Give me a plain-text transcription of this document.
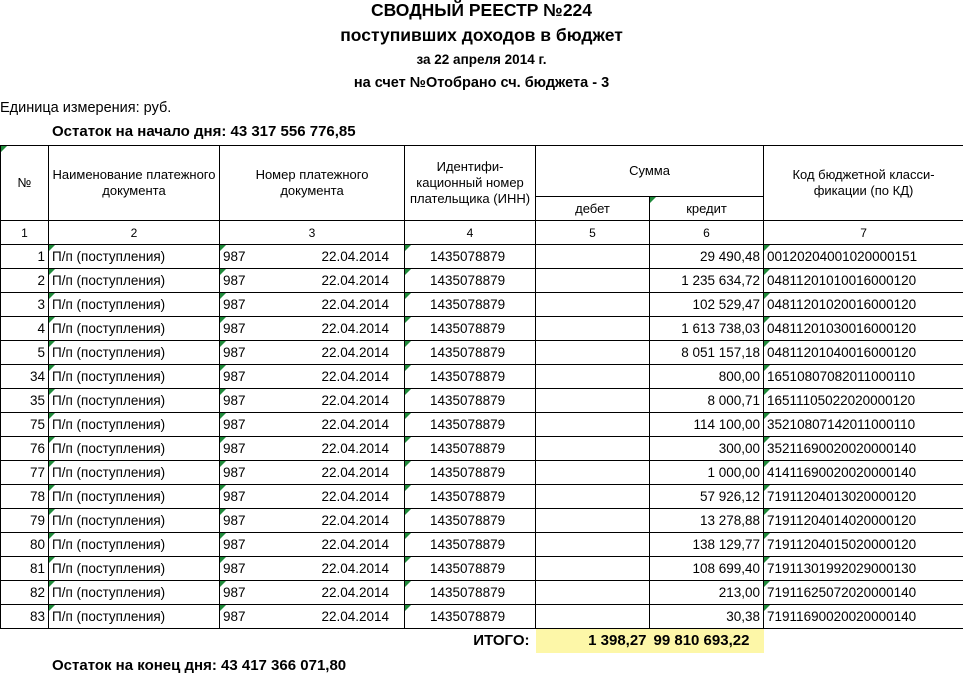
СВОДНЫЙ РЕЕСТР №224
поступивших доходов в бюджет
за 22 апреля 2014 г.
на счет №Отобрано сч. бюджета - 3
Единица измерения: руб.
Остаток на начало дня: 43 317 556 776,85
№	Наименование платежного документа	Номер платежного документа		Идентифи-кационный номер плательщика (ИНН)	Сумма		Код бюджетной класси-фикации (по КД)
					дебет	кредит	
1	2	3		4	5	6	7
1	П/п (поступления)	987	22.04.2014	1435078879		29 490,48	00120204001020000151
2	П/п (поступления)	987	22.04.2014	1435078879		1 235 634,72	04811201010016000120
3	П/п (поступления)	987	22.04.2014	1435078879		102 529,47	04811201020016000120
4	П/п (поступления)	987	22.04.2014	1435078879		1 613 738,03	04811201030016000120
5	П/п (поступления)	987	22.04.2014	1435078879		8 051 157,18	04811201040016000120
34	П/п (поступления)	987	22.04.2014	1435078879		800,00	16510807082011000110
35	П/п (поступления)	987	22.04.2014	1435078879		8 000,71	16511105022020000120
75	П/п (поступления)	987	22.04.2014	1435078879		114 100,00	35210807142011000110
76	П/п (поступления)	987	22.04.2014	1435078879		300,00	35211690020020000140
77	П/п (поступления)	987	22.04.2014	1435078879		1 000,00	41411690020020000140
78	П/п (поступления)	987	22.04.2014	1435078879		57 926,12	71911204013020000120
79	П/п (поступления)	987	22.04.2014	1435078879		13 278,88	71911204014020000120
80	П/п (поступления)	987	22.04.2014	1435078879		138 129,77	71911204015020000120
81	П/п (поступления)	987	22.04.2014	1435078879		108 699,40	71911301992029000130
82	П/п (поступления)	987	22.04.2014	1435078879		213,00	71911625072020000140
83	П/п (поступления)	987	22.04.2014	1435078879		30,38	71911690020020000140
ИТОГО:					1 398,27	99 810 693,22	
Остаток на конец дня: 43 417 366 071,80
